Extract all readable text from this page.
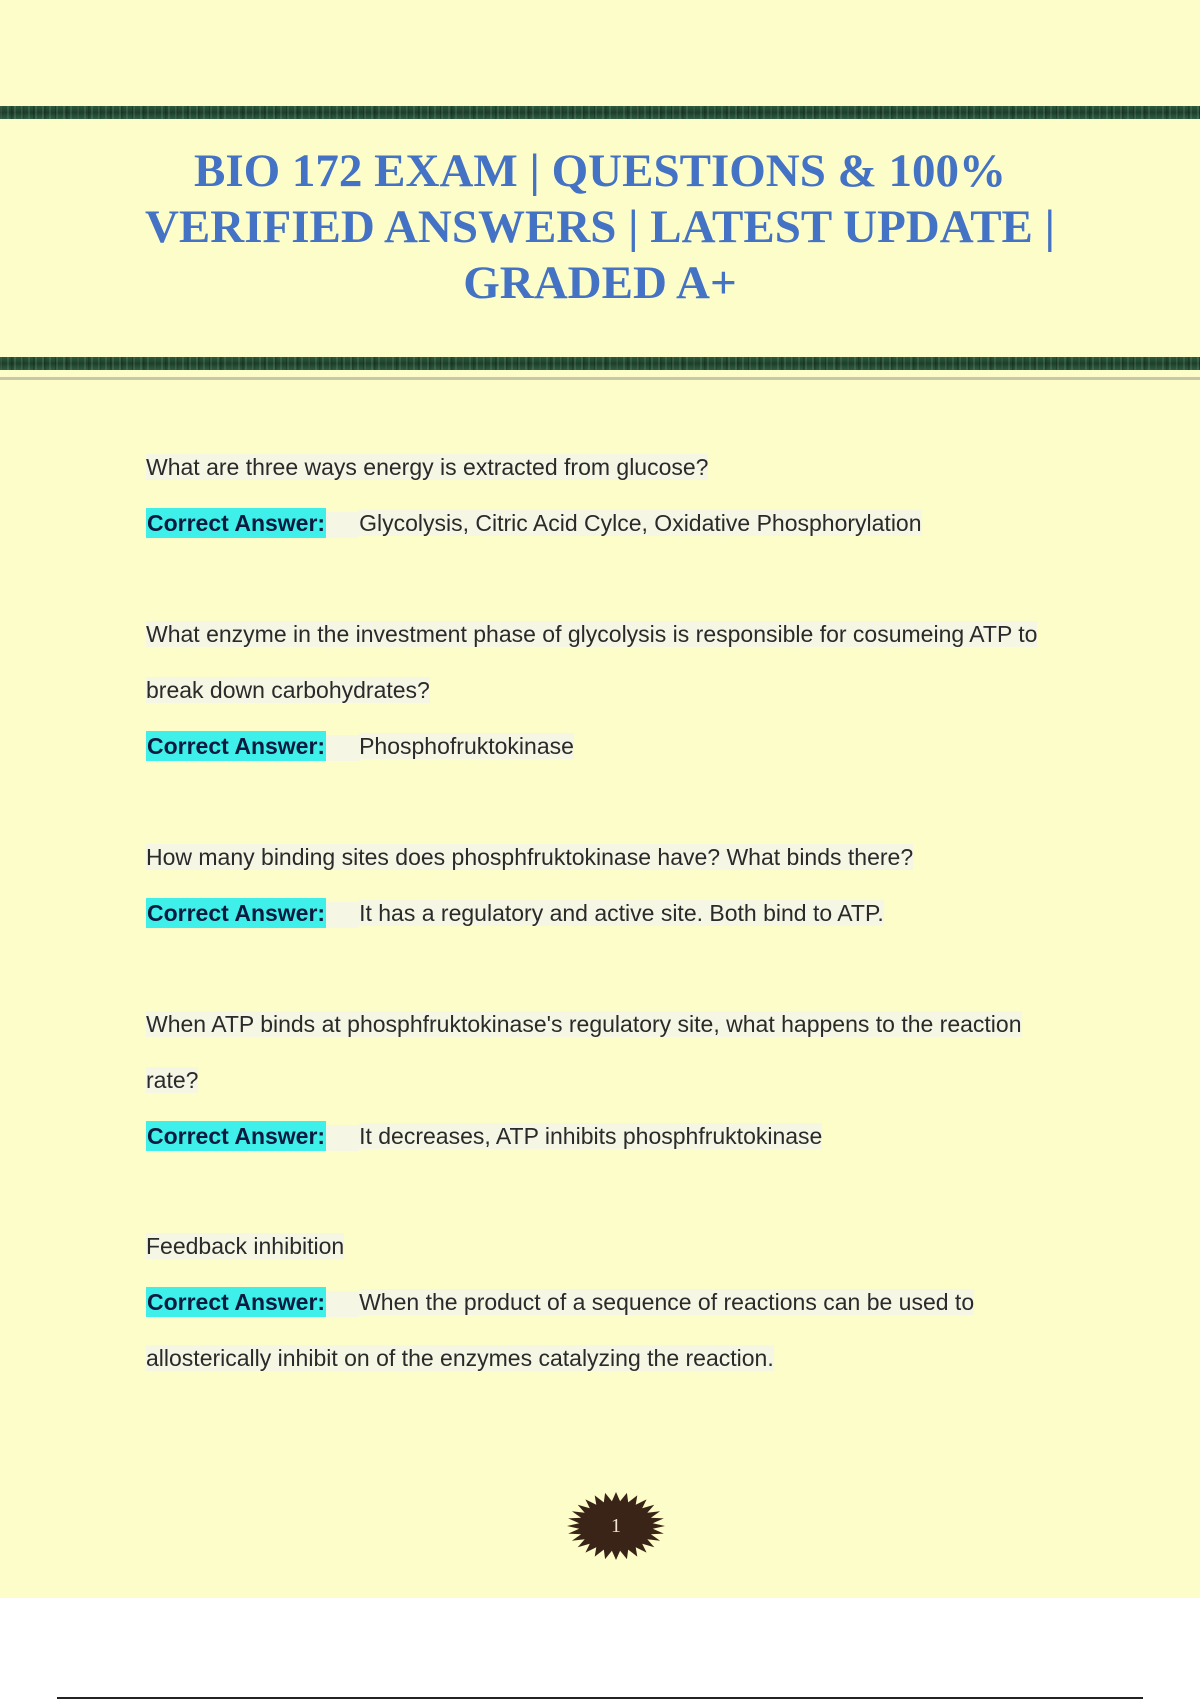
BIO 172 EXAM | QUESTIONS & 100% VERIFIED ANSWERS | LATEST UPDATE | GRADED A+

What are three ways energy is extracted from glucose?

Correct Answer: Glycolysis, Citric Acid Cylce, Oxidative Phosphorylation

What enzyme in the investment phase of glycolysis is responsible for cosumeing ATP to

break down carbohydrates?

Correct Answer: Phosphofruktokinase

How many binding sites does phosphfruktokinase have? What binds there?

Correct Answer: It has a regulatory and active site. Both bind to ATP.

When ATP binds at phosphfruktokinase's regulatory site, what happens to the reaction

rate?

Correct Answer: It decreases, ATP inhibits phosphfruktokinase

Feedback inhibition

Correct Answer: When the product of a sequence of reactions can be used to

allosterically inhibit on of the enzymes catalyzing the reaction.

1
